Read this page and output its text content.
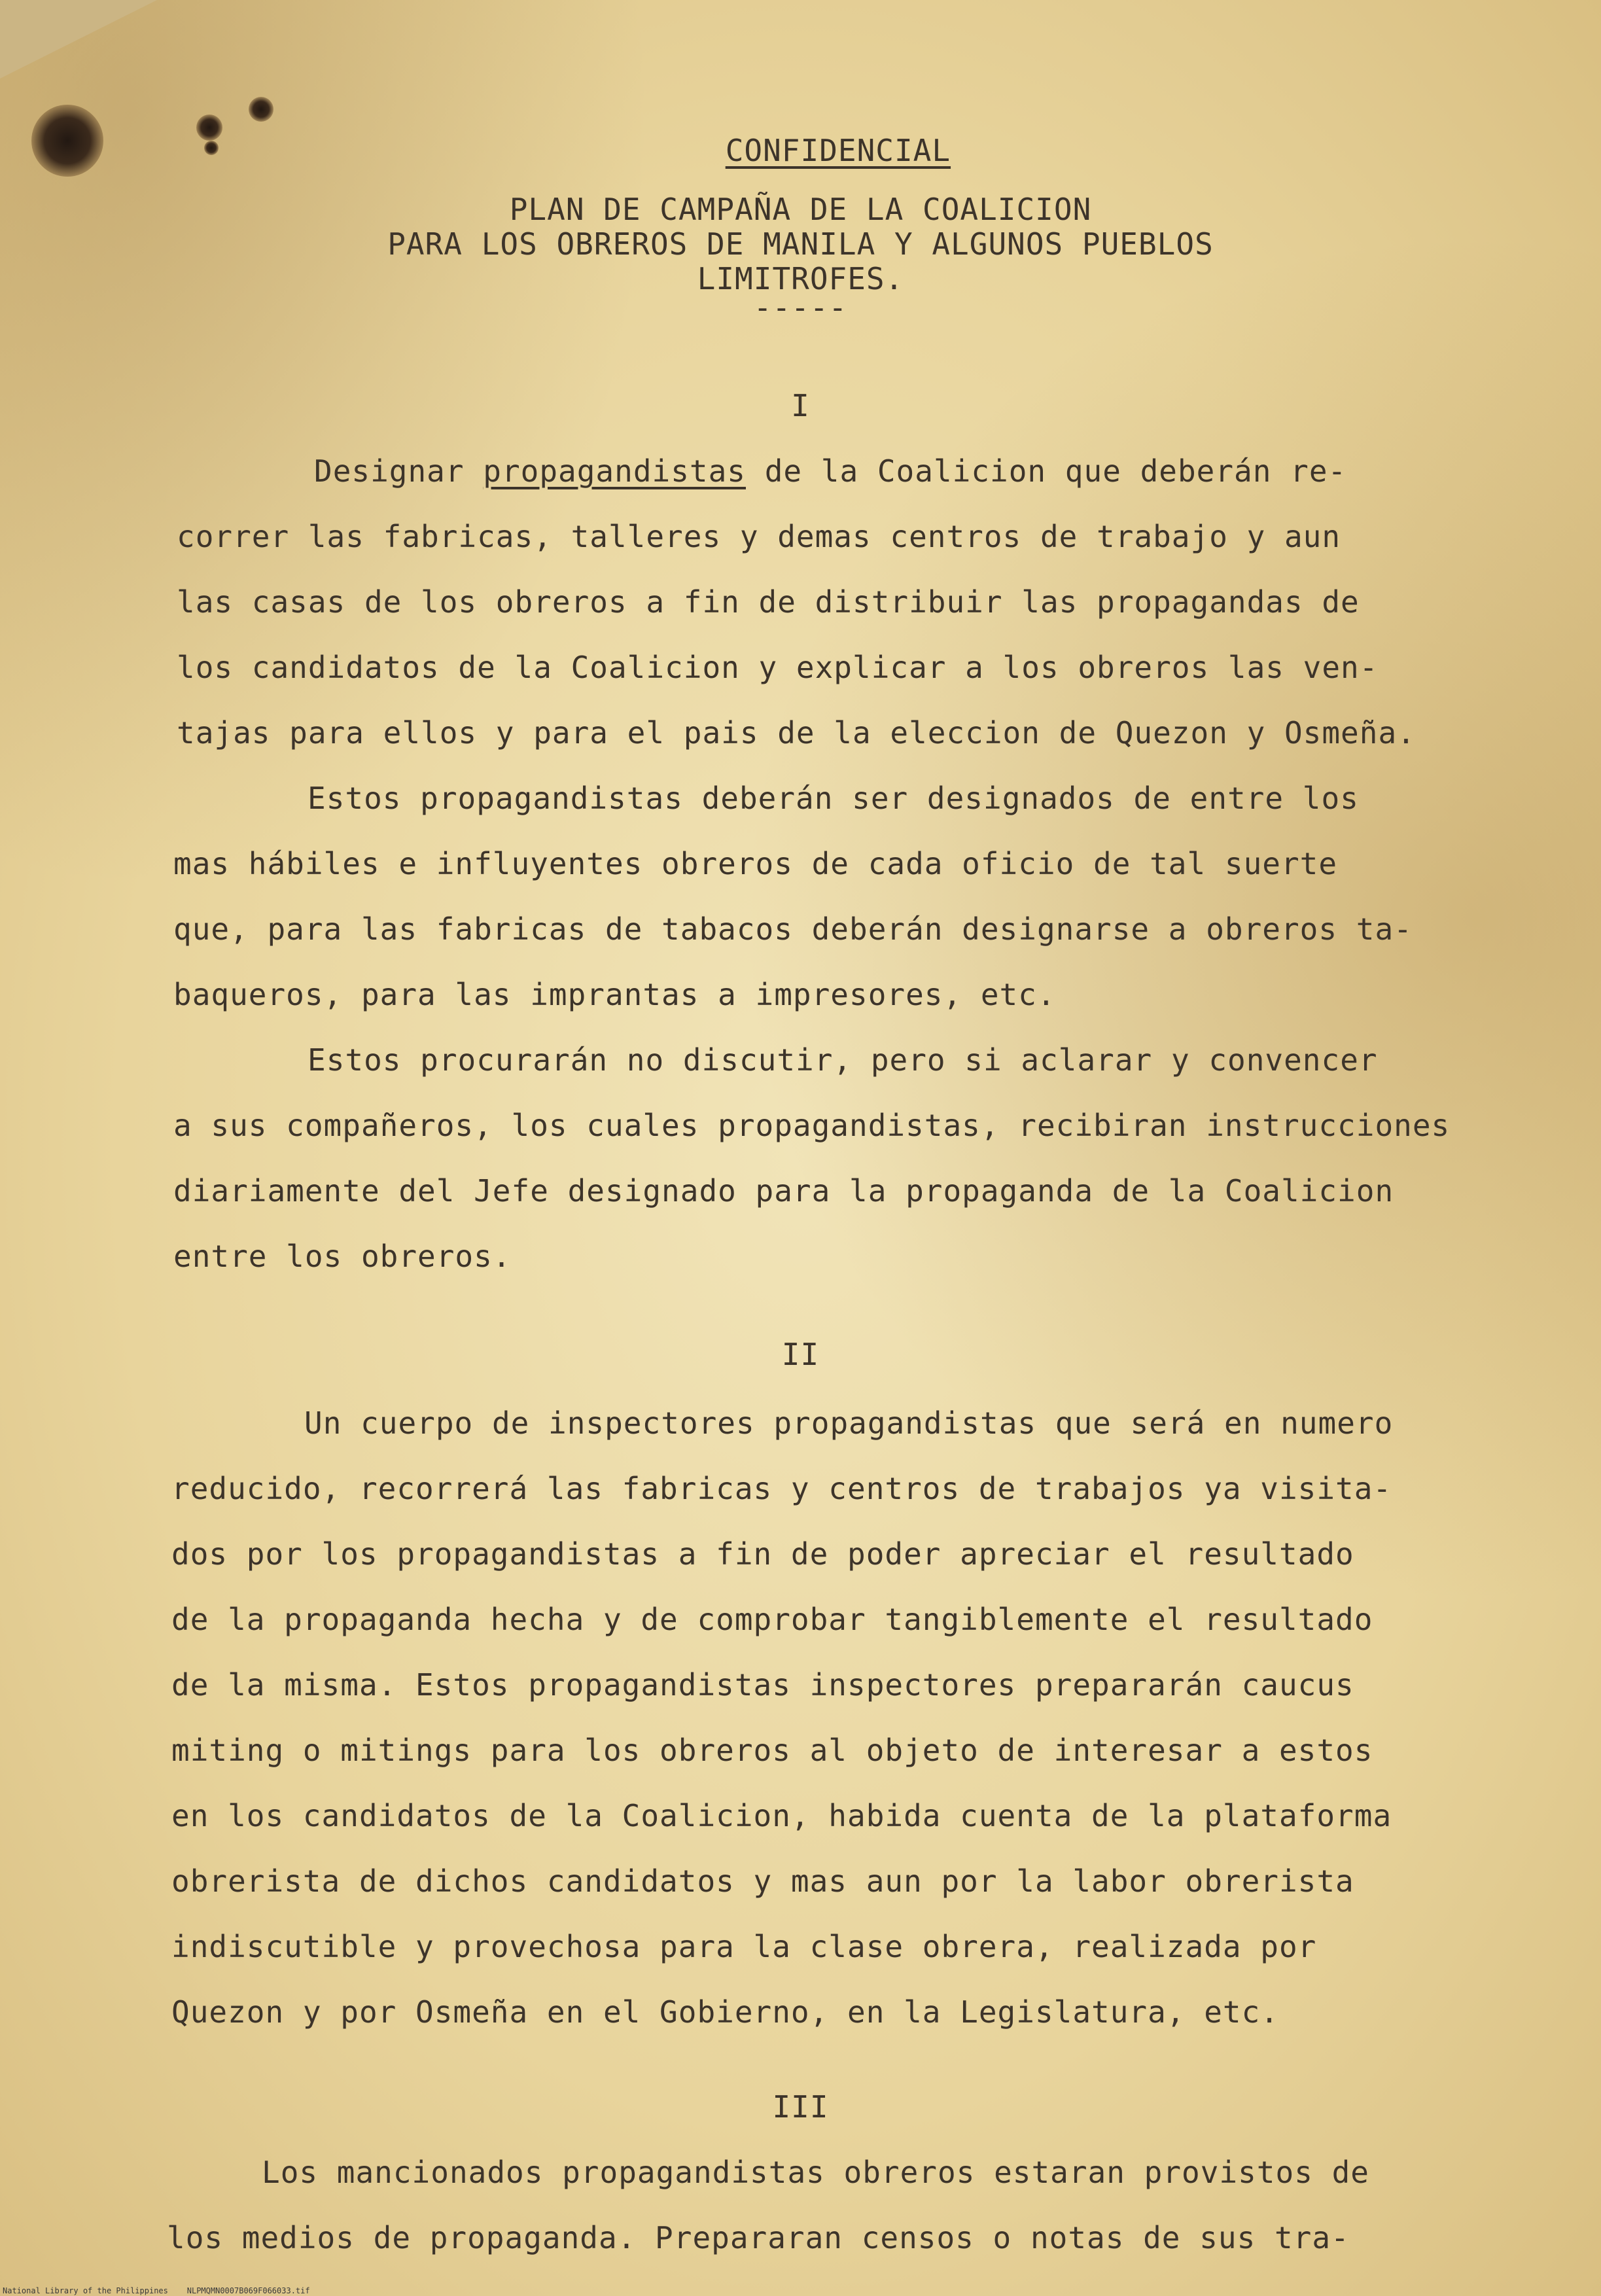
CONFIDENCIAL

PLAN DE CAMPAÑA DE LA COALICION
PARA LOS OBREROS DE MANILA Y ALGUNOS PUEBLOS
LIMITROFES.
-----
I
Designar propagandistas de la Coalicion que deberán re-
correr las fabricas, talleres y demas centros de trabajo y aun
las casas de los obreros a fin de distribuir las propagandas de
los candidatos de la Coalicion y explicar a los obreros las ven-
tajas para ellos y para el pais de la eleccion de Quezon y Osmeña.
Estos propagandistas deberán ser designados de entre los
mas hábiles e influyentes obreros de cada oficio de tal suerte
que, para las fabricas de tabacos deberán designarse a obreros ta-
baqueros, para las imprantas a impresores, etc.
Estos procurarán no discutir, pero si aclarar y convencer
a sus compañeros, los cuales propagandistas, recibiran instrucciones
diariamente del Jefe designado para la propaganda de la Coalicion
entre los obreros.
II
Un cuerpo de inspectores propagandistas que será en numero
reducido, recorrerá las fabricas y centros de trabajos ya visita-
dos por los propagandistas a fin de poder apreciar el resultado
de la propaganda hecha y de comprobar tangiblemente el resultado
de la misma. Estos propagandistas inspectores prepararán caucus
miting o mitings para los obreros al objeto de interesar a estos
en los candidatos de la Coalicion, habida cuenta de la plataforma
obrerista de dichos candidatos y mas aun por la labor obrerista
indiscutible y provechosa para la clase obrera, realizada por
Quezon y por Osmeña en el Gobierno, en la Legislatura, etc.
III
Los mancionados propagandistas obreros estaran provistos de
los medios de propaganda. Prepararan censos o notas de sus tra-
National Library of the Philippines    NLPMQMN0007B069F066033.tif
